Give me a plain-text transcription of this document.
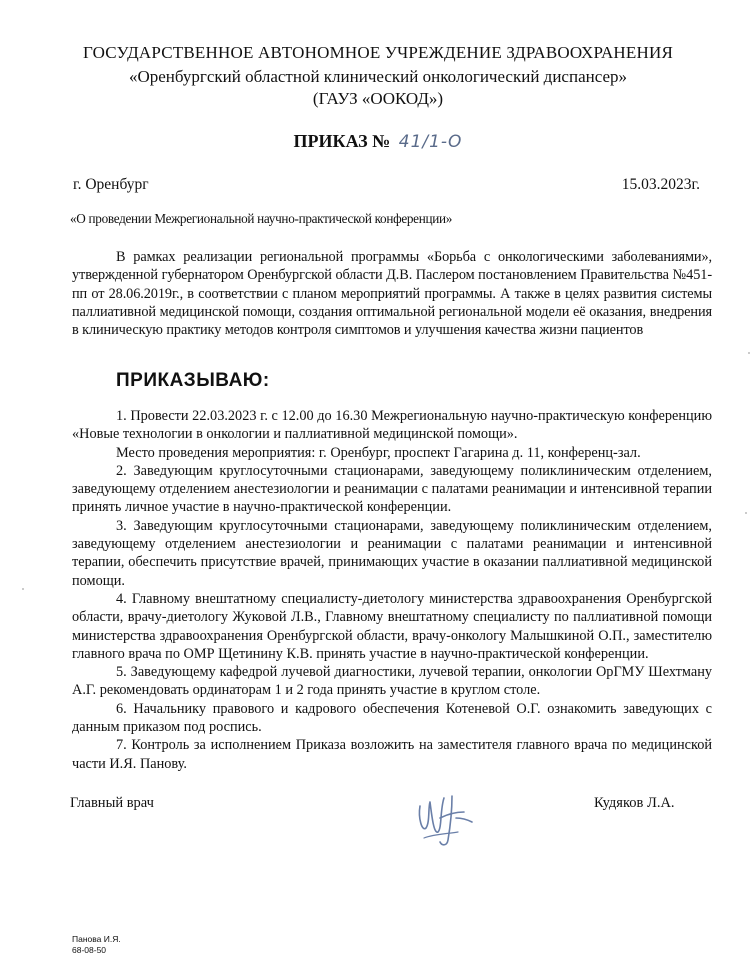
ГОСУДАРСТВЕННОЕ АВТОНОМНОЕ УЧРЕЖДЕНИЕ ЗДРАВООХРАНЕНИЯ
«Оренбургский областной клинический онкологический диспансер»
(ГАУЗ «ООКОД»)
ПРИКАЗ № 41/1-О
г. Оренбург	15.03.2023г.
«О проведении Межрегиональной научно-практической конференции»
В рамках реализации региональной программы «Борьба с онкологическими заболеваниями», утвержденной губернатором Оренбургской области Д.В. Паслером постановлением Правительства №451-пп от 28.06.2019г., в соответствии с планом мероприятий программы. А также в целях развития системы паллиативной медицинской помощи, создания оптимальной региональной модели её оказания, внедрения в клиническую практику методов контроля симптомов и улучшения качества жизни пациентов
ПРИКАЗЫВАЮ:

1. Провести 22.03.2023 г. с 12.00 до 16.30 Межрегиональную научно-практическую конференцию «Новые технологии в онкологии и паллиативной медицинской помощи».

Место проведения мероприятия: г. Оренбург, проспект Гагарина д. 11, конференц-зал.

2. Заведующим круглосуточными стационарами, заведующему поликлиническим отделением, заведующему отделением анестезиологии и реанимации с палатами реанимации и интенсивной терапии принять личное участие в научно-практической конференции.

3. Заведующим круглосуточными стационарами, заведующему поликлиническим отделением, заведующему отделением анестезиологии и реанимации с палатами реанимации и интенсивной терапии, обеспечить присутствие врачей, принимающих участие в оказании паллиативной медицинской помощи.

4. Главному внештатному специалисту-диетологу министерства здравоохранения Оренбургской области, врачу-диетологу Жуковой Л.В., Главному внештатному специалисту по паллиативной помощи министерства здравоохранения Оренбургской области, врачу-онкологу Малышкиной О.П., заместителю главного врача по ОМР Щетинину К.В. принять участие в научно-практической конференции.

5. Заведующему кафедрой лучевой диагностики, лучевой терапии, онкологии ОрГМУ Шехтману А.Г. рекомендовать ординаторам 1 и 2 года принять участие в круглом столе.

6. Начальнику правового и кадрового обеспечения Котеневой О.Г. ознакомить заведующих с данным приказом под роспись.

7. Контроль за исполнением Приказа возложить на заместителя главного врача по медицинской части И.Я. Панову.

Главный врач	Кудяков Л.А.
Панова И.Я.
68-08-50
